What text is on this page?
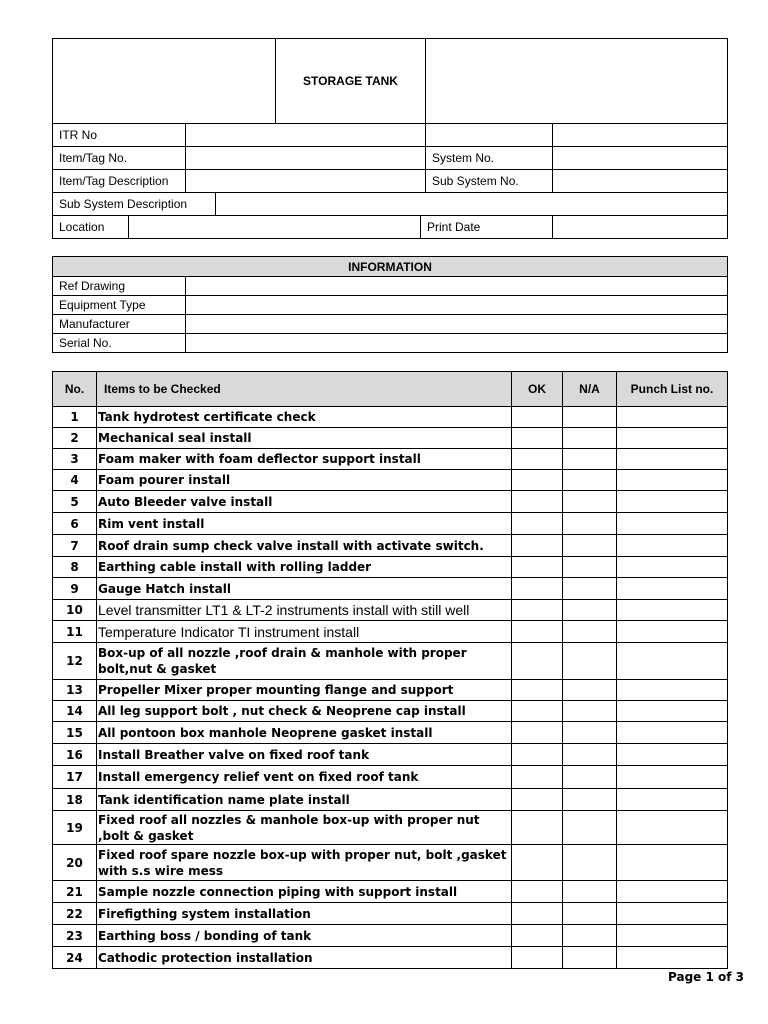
				STORAGE TANK			
ITR No							
Item/Tag No.						System No.	
Item/Tag Description						Sub System No.	
Sub System Description							
Location					Print Date		
INFORMATION	
Ref Drawing	
Equipment Type	
Manufacturer	
Serial No.	
No.	Items to be Checked	OK	N/A	Punch List no.
1	Tank hydrotest certificate check			
2	Mechanical seal install			
3	Foam maker with foam deflector support install			
4	Foam pourer install			
5	Auto Bleeder valve install			
6	Rim vent install			
7	Roof drain sump check valve install with activate switch.			
8	Earthing cable install with rolling ladder			
9	Gauge Hatch install			
10	Level transmitter LT1 & LT-2 instruments install with still well			
11	Temperature Indicator TI instrument install			
12	Box-up of all nozzle ,roof drain & manhole with proper bolt,nut & gasket			
13	Propeller Mixer proper mounting flange and support			
14	All leg support bolt , nut check & Neoprene cap install			
15	All pontoon box manhole Neoprene gasket install			
16	Install Breather valve on fixed roof tank			
17	Install emergency relief vent on fixed roof tank			
18	Tank identification name plate install			
19	Fixed roof all nozzles & manhole box-up with proper nut ,bolt & gasket			
20	Fixed roof spare nozzle box-up with proper nut, bolt ,gasket with s.s wire mess			
21	Sample nozzle connection piping with support install			
22	Firefigthing system installation			
23	Earthing boss / bonding of tank			
24	Cathodic protection installation			
Page 1 of 3
